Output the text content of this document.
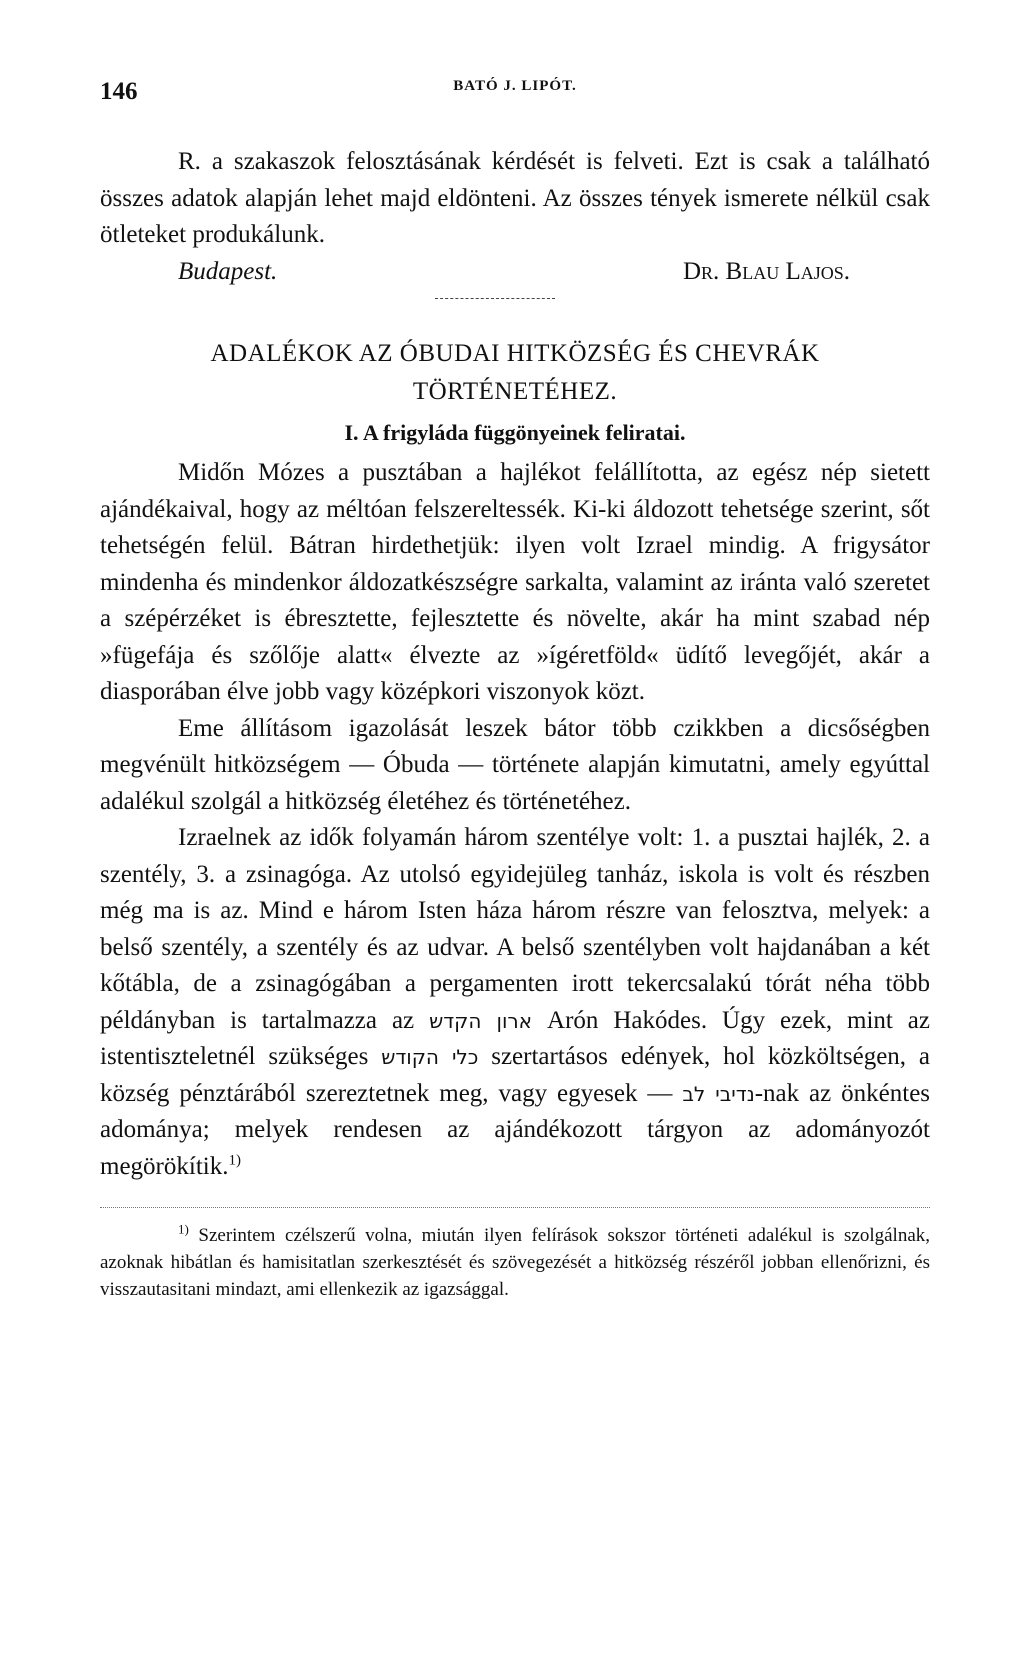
146	BATÓ J. LIPÓT.

R. a szakaszok felosztásának kérdését is felveti. Ezt is csak a található összes adatok alapján lehet majd eldönteni. Az összes tények ismerete nélkül csak ötleteket produkálunk.

Budapest.	Dr. Blau Lajos.
ADALÉKOK AZ ÓBUDAI HITKÖZSÉG ÉS CHEVRÁK
TÖRTÉNETÉHEZ.
I. A frigyláda függönyeinek feliratai.

Midőn Mózes a pusztában a hajlékot felállította, az egész nép sietett ajándékaival, hogy az méltóan felszereltessék. Ki-ki áldozott tehetsége szerint, sőt tehetségén felül. Bátran hirdethetjük: ilyen volt Izrael mindig. A frigysátor mindenha és mindenkor áldozatkészségre sarkalta, valamint az iránta való szeretet a szépérzéket is ébresztette, fejlesztette és növelte, akár ha mint szabad nép »fügefája és szőlője alatt« élvezte az »ígéretföld« üdítő levegőjét, akár a diasporában élve jobb vagy középkori viszonyok közt.

Eme állításom igazolását leszek bátor több czikkben a dicsőségben megvénült hitközségem — Óbuda — története alapján kimutatni, amely egyúttal adalékul szolgál a hitközség életéhez és történetéhez.

Izraelnek az idők folyamán három szentélye volt: 1. a pusztai hajlék, 2. a szentély, 3. a zsinagóga. Az utolsó egyidejüleg tanház, iskola is volt és részben még ma is az. Mind e három Isten háza három részre van felosztva, melyek: a belső szentély, a szentély és az udvar. A belső szentélyben volt hajdanában a két kőtábla, de a zsinagógában a pergamenten irott tekercsalakú tórát néha több példányban is tartalmazza az ארון הקדש Arón Hakódes. Úgy ezek, mint az istentiszteletnél szükséges כלי הקודש szertartásos edények, hol közköltségen, a község pénztárából szereztetnek meg, vagy egyesek — נדיבי לב-nak az önkéntes adománya; melyek rendesen az ajándékozott tárgyon az adományozót megörökítik.$^{1)}$

$^{1)}$ Szerintem czélszerű volna, miután ilyen felírások sokszor történeti adalékul is szolgálnak, azoknak hibátlan és hamisitatlan szerkesztését és szövegezését a hitközség részéről jobban ellenőrizni, és visszautasitani mindazt, ami ellenkezik az igazsággal.
